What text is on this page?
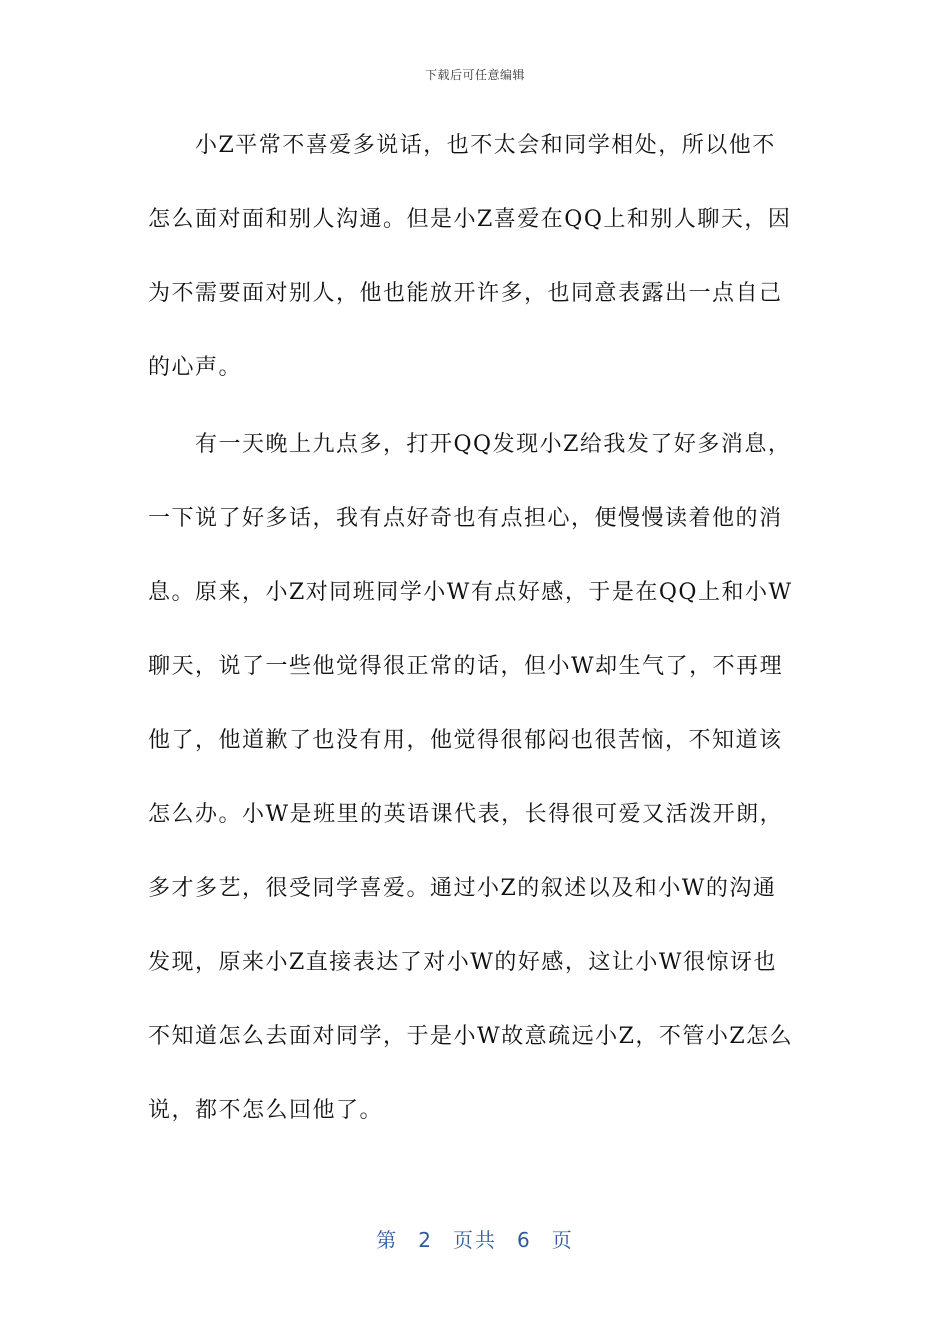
下载后可任意编辑
　　小Z平常不喜爱多说话，也不太会和同学相处，所以他不
怎么面对面和别人沟通。但是小Z喜爱在QQ上和别人聊天，因
为不需要面对别人，他也能放开许多，也同意表露出一点自己
的心声。
　　有一天晚上九点多，打开QQ发现小Z给我发了好多消息，
一下说了好多话，我有点好奇也有点担心，便慢慢读着他的消
息。原来，小Z对同班同学小W有点好感，于是在QQ上和小W
聊天，说了一些他觉得很正常的话，但小W却生气了，不再理
他了，他道歉了也没有用，他觉得很郁闷也很苦恼，不知道该
怎么办。小W是班里的英语课代表，长得很可爱又活泼开朗，
多才多艺，很受同学喜爱。通过小Z的叙述以及和小W的沟通
发现，原来小Z直接表达了对小W的好感，这让小W很惊讶也
不知道怎么去面对同学，于是小W故意疏远小Z，不管小Z怎么
说，都不怎么回他了。
第 2 页共 6 页
